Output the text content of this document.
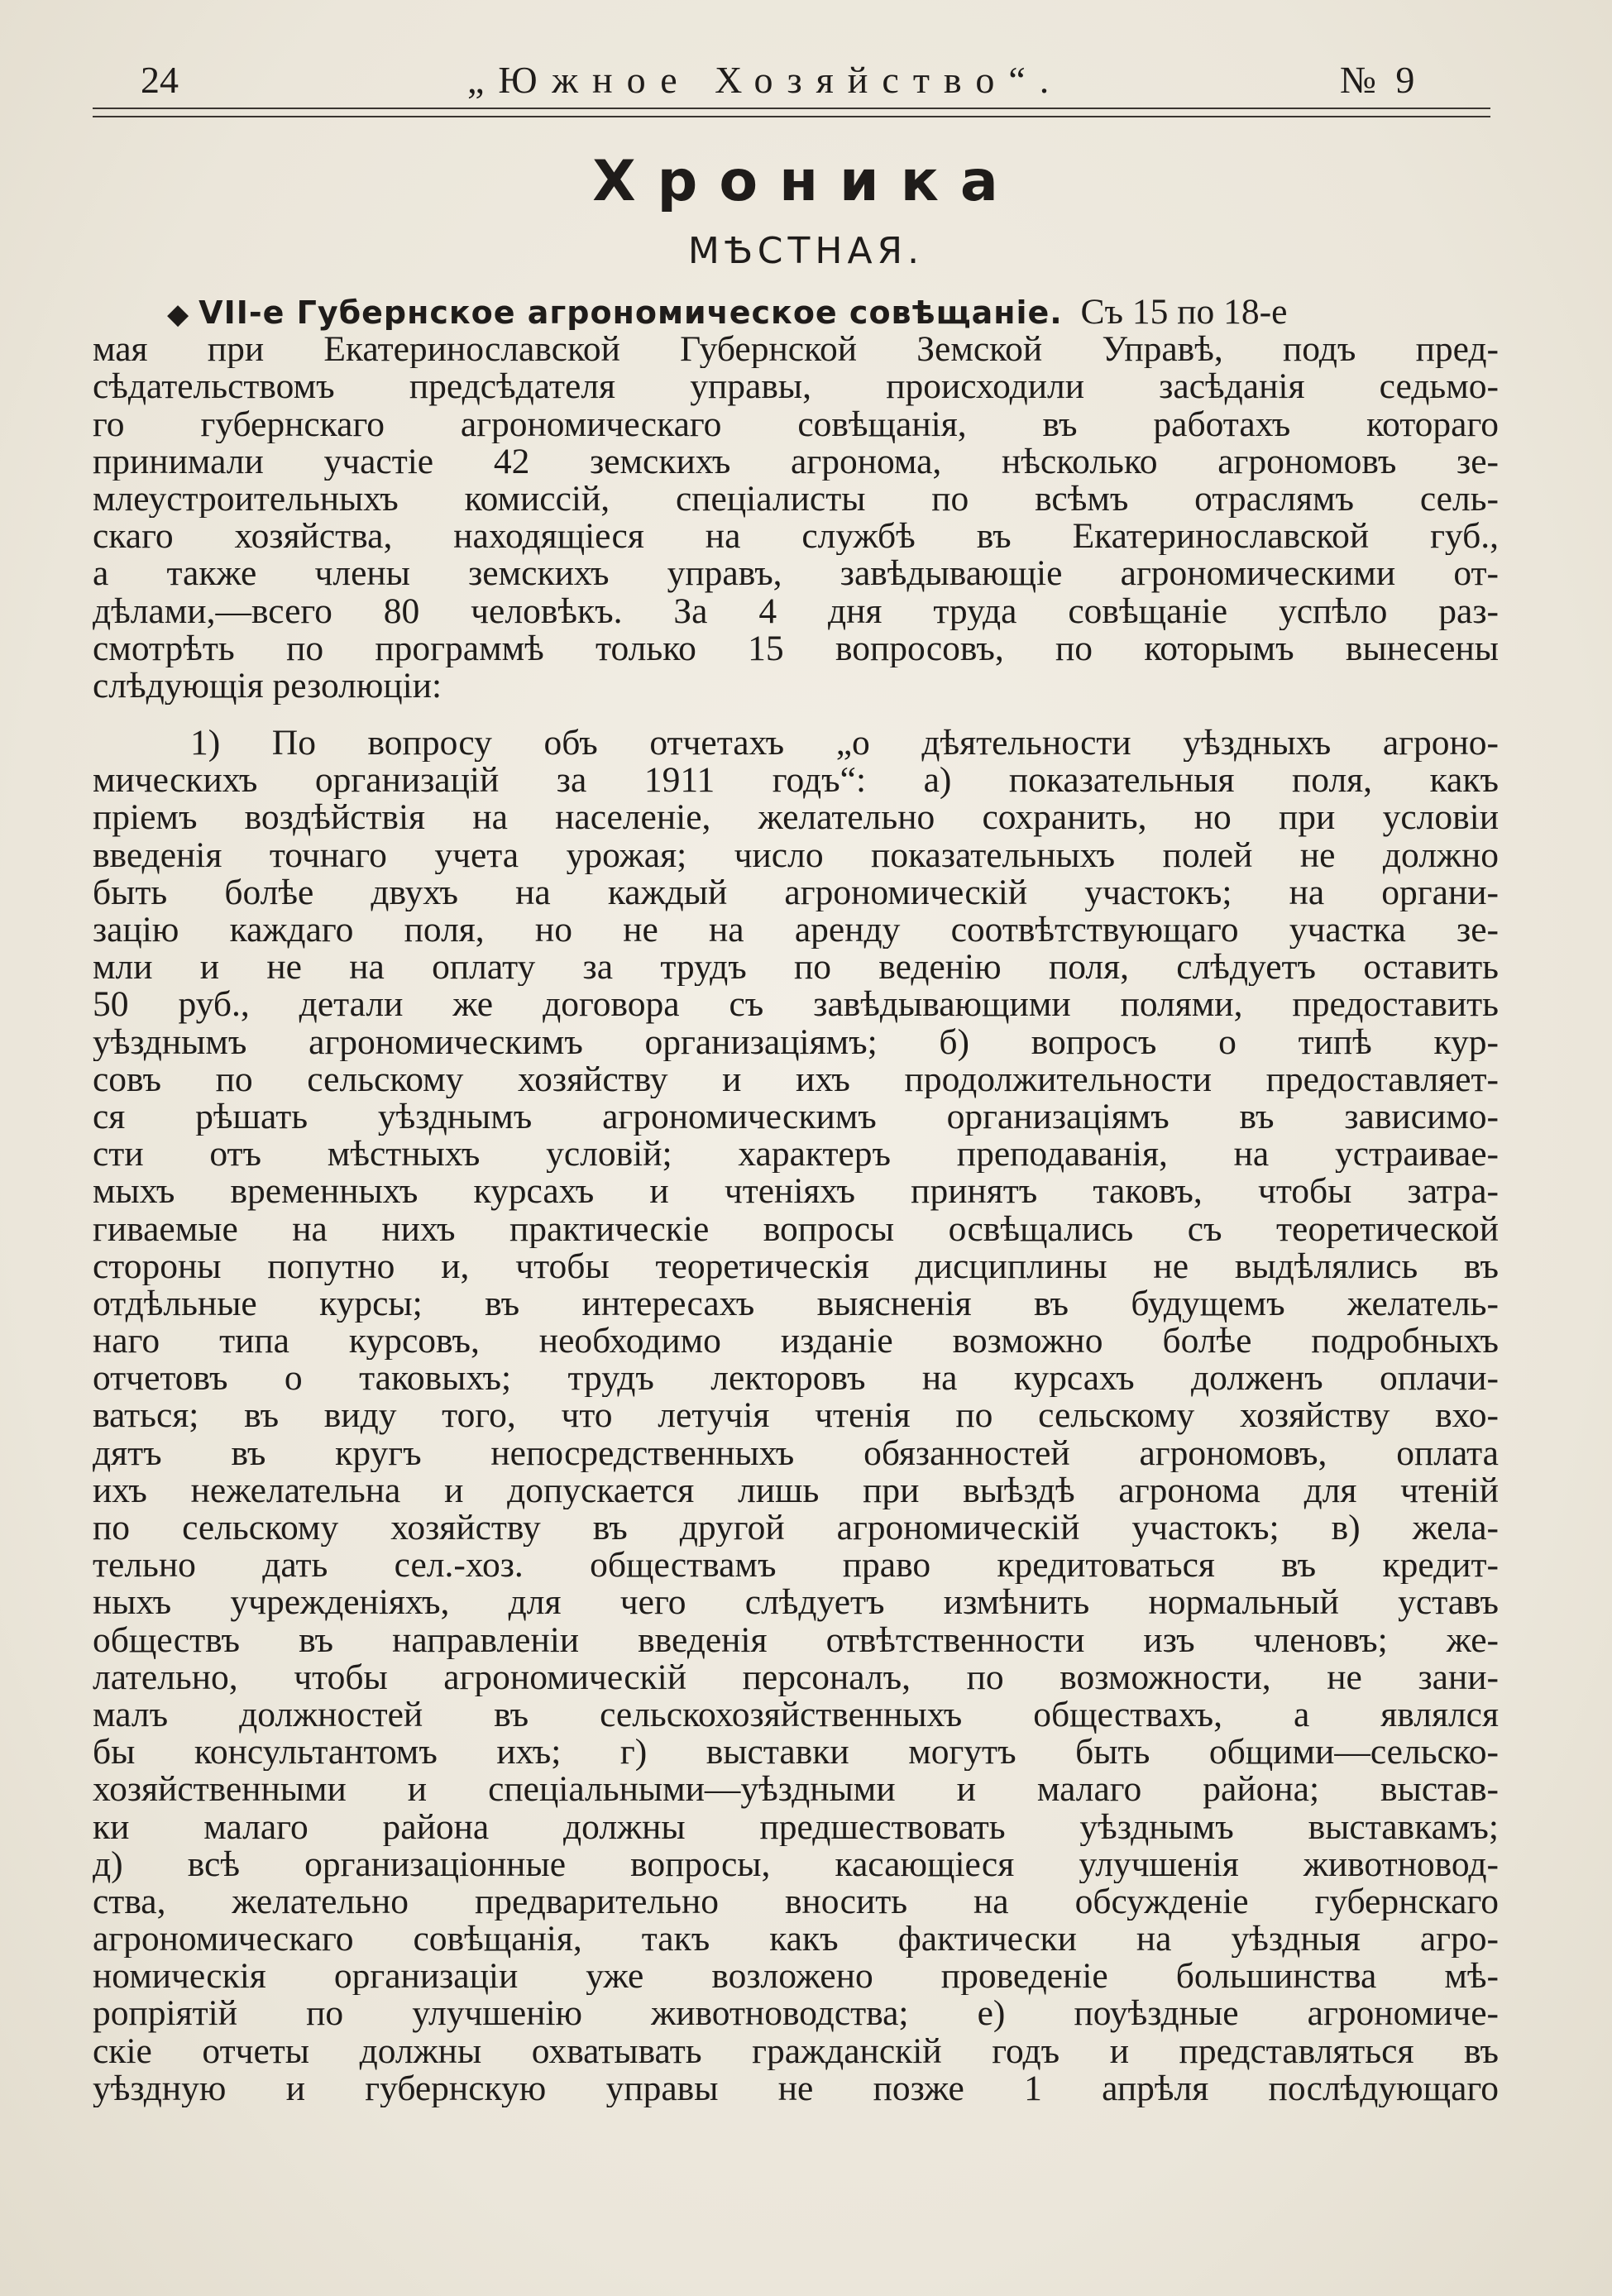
24	„Южное Хозяйство“.	№ 9
Хроника
МѢСТНАЯ.
◆ VII-е Губернское агрономическое совѣщаніе. Съ 15 по 18-е
мая при Екатеринославской Губернской Земской Управѣ, подъ пред-
сѣдательствомъ предсѣдателя управы, происходили засѣданія седьмо-
го губернскаго агрономическаго совѣщанія, въ работахъ котораго
принимали участіе 42 земскихъ агронома, нѣсколько агрономовъ зе-
млеустроительныхъ комиссій, спеціалисты по всѣмъ отраслямъ сель-
скаго хозяйства, находящіеся на службѣ въ Екатеринославской губ.,
а также члены земскихъ управъ, завѣдывающіе агрономическими от-
дѣлами,—всего 80 человѣкъ. За 4 дня труда совѣщаніе успѣло раз-
смотрѣть по программѣ только 15 вопросовъ, по которымъ вынесены
слѣдующія резолюціи:
1) По вопросу объ отчетахъ „о дѣятельности уѣздныхъ агроно-
мическихъ организацій за 1911 годъ“: а) показательныя поля, какъ
пріемъ воздѣйствія на населеніе, желательно сохранить, но при условіи
введенія точнаго учета урожая; число показательныхъ полей не должно
быть болѣе двухъ на каждый агрономическій участокъ; на органи-
зацію каждаго поля, но не на аренду соотвѣтствующаго участка зе-
мли и не на оплату за трудъ по веденію поля, слѣдуетъ оставить
50 руб., детали же договора съ завѣдывающими полями, предоставить
уѣзднымъ агрономическимъ организаціямъ; б) вопросъ о типѣ кур-
совъ по сельскому хозяйству и ихъ продолжительности предоставляет-
ся рѣшать уѣзднымъ агрономическимъ организаціямъ въ зависимо-
сти отъ мѣстныхъ условій; характеръ преподаванія, на устраивае-
мыхъ временныхъ курсахъ и чтеніяхъ принятъ таковъ, чтобы затра-
гиваемые на нихъ практическіе вопросы освѣщались съ теоретической
стороны попутно и, чтобы теоретическія дисциплины не выдѣлялись въ
отдѣльные курсы; въ интересахъ выясненія въ будущемъ желатель-
наго типа курсовъ, необходимо изданіе возможно болѣе подробныхъ
отчетовъ о таковыхъ; трудъ лекторовъ на курсахъ долженъ оплачи-
ваться; въ виду того, что летучія чтенія по сельскому хозяйству вхо-
дятъ въ кругъ непосредственныхъ обязанностей агрономовъ, оплата
ихъ нежелательна и допускается лишь при выѣздѣ агронома для чтеній
по сельскому хозяйству въ другой агрономическій участокъ; в) жела-
тельно дать сел.-хоз. обществамъ право кредитоваться въ кредит-
ныхъ учрежденіяхъ, для чего слѣдуетъ измѣнить нормальный уставъ
обществъ въ направленіи введенія отвѣтственности изъ членовъ; же-
лательно, чтобы агрономическій персоналъ, по возможности, не зани-
малъ должностей въ сельскохозяйственныхъ обществахъ, а являлся
бы консультантомъ ихъ; г) выставки могутъ быть общими—сельско-
хозяйственными и спеціальными—уѣздными и малаго района; выстав-
ки малаго района должны предшествовать уѣзднымъ выставкамъ;
д) всѣ организаціонные вопросы, касающіеся улучшенія животновод-
ства, желательно предварительно вносить на обсужденіе губернскаго
агрономическаго совѣщанія, такъ какъ фактически на уѣздныя агро-
номическія организаціи уже возложено проведеніе большинства мѣ-
ропріятій по улучшенію животноводства; е) поуѣздные агрономиче-
скіе отчеты должны охватывать гражданскій годъ и представляться въ
уѣздную и губернскую управы не позже 1 апрѣля послѣдующаго
